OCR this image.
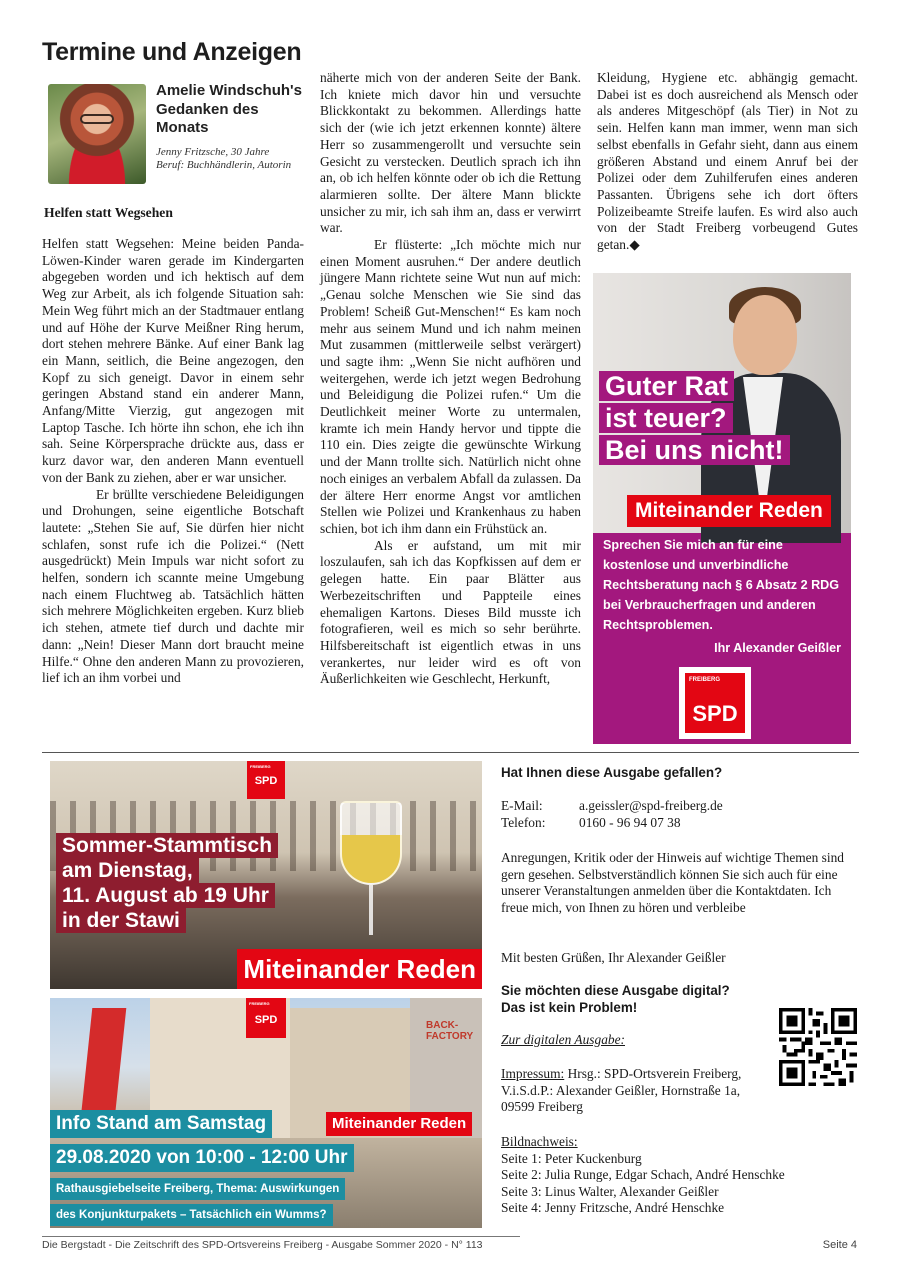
Termine und Anzeigen
Amelie Windschuh's Gedanken des Monats
Jenny Fritzsche, 30 Jahre
Beruf: Buchhändlerin, Autorin
Helfen statt Wegsehen

Helfen statt Wegsehen: Meine beiden Panda-Löwen-Kinder waren gerade im Kindergarten abgegeben worden und ich hektisch auf dem Weg zur Arbeit, als ich folgende Situation sah: Mein Weg führt mich an der Stadtmauer entlang und auf Höhe der Kurve Meißner Ring herum, dort stehen mehrere Bänke. Auf einer Bank lag ein Mann, seitlich, die Beine angezogen, den Kopf zu sich geneigt. Davor in einem sehr geringen Abstand stand ein anderer Mann, Anfang/Mitte Vierzig, gut angezogen mit Laptop Tasche. Ich hörte ihn schon, ehe ich ihn sah. Seine Körpersprache drückte aus, dass er kurz davor war, den anderen Mann eventuell von der Bank zu ziehen, aber er war unsicher.

Er brüllte verschiedene Beleidigungen und Drohungen, seine eigentliche Botschaft lautete: „Stehen Sie auf, Sie dürfen hier nicht schlafen, sonst rufe ich die Polizei.“ (Nett ausgedrückt) Mein Impuls war nicht sofort zu helfen, sondern ich scannte meine Umgebung nach einem Fluchtweg ab. Tatsächlich hätten sich mehrere Möglichkeiten ergeben. Kurz blieb ich stehen, atmete tief durch und dachte mir dann: „Nein! Dieser Mann dort braucht meine Hilfe.“ Ohne den anderen Mann zu provozieren, lief ich an ihm vorbei und

näherte mich von der anderen Seite der Bank. Ich kniete mich davor hin und versuchte Blickkontakt zu bekommen. Allerdings hatte sich der (wie ich jetzt erkennen konnte) ältere Herr so zusammengerollt und versuchte sein Gesicht zu verstecken. Deutlich sprach ich ihn an, ob ich helfen könnte oder ob ich die Rettung alarmieren sollte. Der ältere Mann blickte unsicher zu mir, ich sah ihm an, dass er verwirrt war.

Er flüsterte: „Ich möchte mich nur einen Moment ausruhen.“ Der andere deutlich jüngere Mann richtete seine Wut nun auf mich: „Genau solche Menschen wie Sie sind das Problem! Scheiß Gut-Menschen!“ Es kam noch mehr aus seinem Mund und ich nahm meinen Mut zusammen (mittlerweile selbst verärgert) und sagte ihm: „Wenn Sie nicht aufhören und weitergehen, werde ich jetzt wegen Bedrohung und Beleidigung die Polizei rufen.“ Um die Deutlichkeit meiner Worte zu untermalen, kramte ich mein Handy hervor und tippte die 110 ein. Dies zeigte die gewünschte Wirkung und der Mann trollte sich. Natürlich nicht ohne noch einiges an verbalem Abfall da zulassen. Da der ältere Herr enorme Angst vor amtlichen Stellen wie Polizei und Krankenhaus zu haben schien, bot ich ihm dann ein Frühstück an.

Als er aufstand, um mit mir loszulaufen, sah ich das Kopfkissen auf dem er gelegen hatte. Ein paar Blätter aus Werbezeitschriften und Pappteile eines ehemaligen Kartons. Dieses Bild musste ich fotografieren, weil es mich so sehr berührte. Hilfsbereitschaft ist eigentlich etwas in uns verankertes, nur leider wird es oft von Äußerlichkeiten wie Geschlecht, Herkunft,

Kleidung, Hygiene etc. abhängig gemacht. Dabei ist es doch ausreichend als Mensch oder als anderes Mitgeschöpf (als Tier) in Not zu sein. Helfen kann man immer, wenn man sich selbst ebenfalls in Gefahr sieht, dann aus einem größeren Abstand und einem Anruf bei der Polizei oder dem Zuhilferufen eines anderen Passanten. Übrigens sehe ich dort öfters Polizeibeamte Streife laufen. Es wird also auch von der Stadt Freiberg vorbeugend Gutes getan.◆

Guter Rat
ist teuer?
Bei uns nicht!
Miteinander Reden
Sprechen Sie mich an für eine kostenlose und unverbindliche Rechtsberatung nach § 6 Absatz 2 RDG bei Verbraucherfragen und anderen Rechtsproblemen.
Ihr Alexander Geißler
FREIBERG
SPD
FREIBERG
SPD
Sommer-Stammtisch
am Dienstag,
11. August ab 19 Uhr
in der Stawi
Miteinander Reden
BACK-FACTORY
FREIBERG
SPD
Info Stand am Samstag	Miteinander Reden
29.08.2020 von 10:00 - 12:00 Uhr
Rathausgiebelseite Freiberg, Thema: Auswirkungen
des Konjunkturpakets – Tatsächlich ein Wumms?
Hat Ihnen diese Ausgabe gefallen?
E-Mail:	a.geissler@spd-freiberg.de
Telefon:	0160 - 96 94 07 38
Anregungen, Kritik oder der Hinweis auf wichtige Themen sind gern gesehen. Selbstverständlich können Sie sich auch für eine unserer Veranstaltungen anmelden über die Kontaktdaten. Ich freue mich, von Ihnen zu hören und verbleibe
Mit besten Grüßen, Ihr Alexander Geißler
Sie möchten diese Ausgabe digital?
Das ist kein Problem!
Zur digitalen Ausgabe:
Impressum: Hrsg.: SPD-Ortsverein Freiberg, V.i.S.d.P.: Alexander Geißler, Hornstraße 1a, 09599 Freiberg
Bildnachweis:
Seite 1: Peter Kuckenburg
Seite 2: Julia Runge, Edgar Schach, André Henschke
Seite 3: Linus Walter, Alexander Geißler
Seite 4: Jenny Fritzsche, André Henschke
Die Bergstadt - Die Zeitschrift des SPD-Ortsvereins Freiberg - Ausgabe Sommer 2020 - N° 113	Seite 4
